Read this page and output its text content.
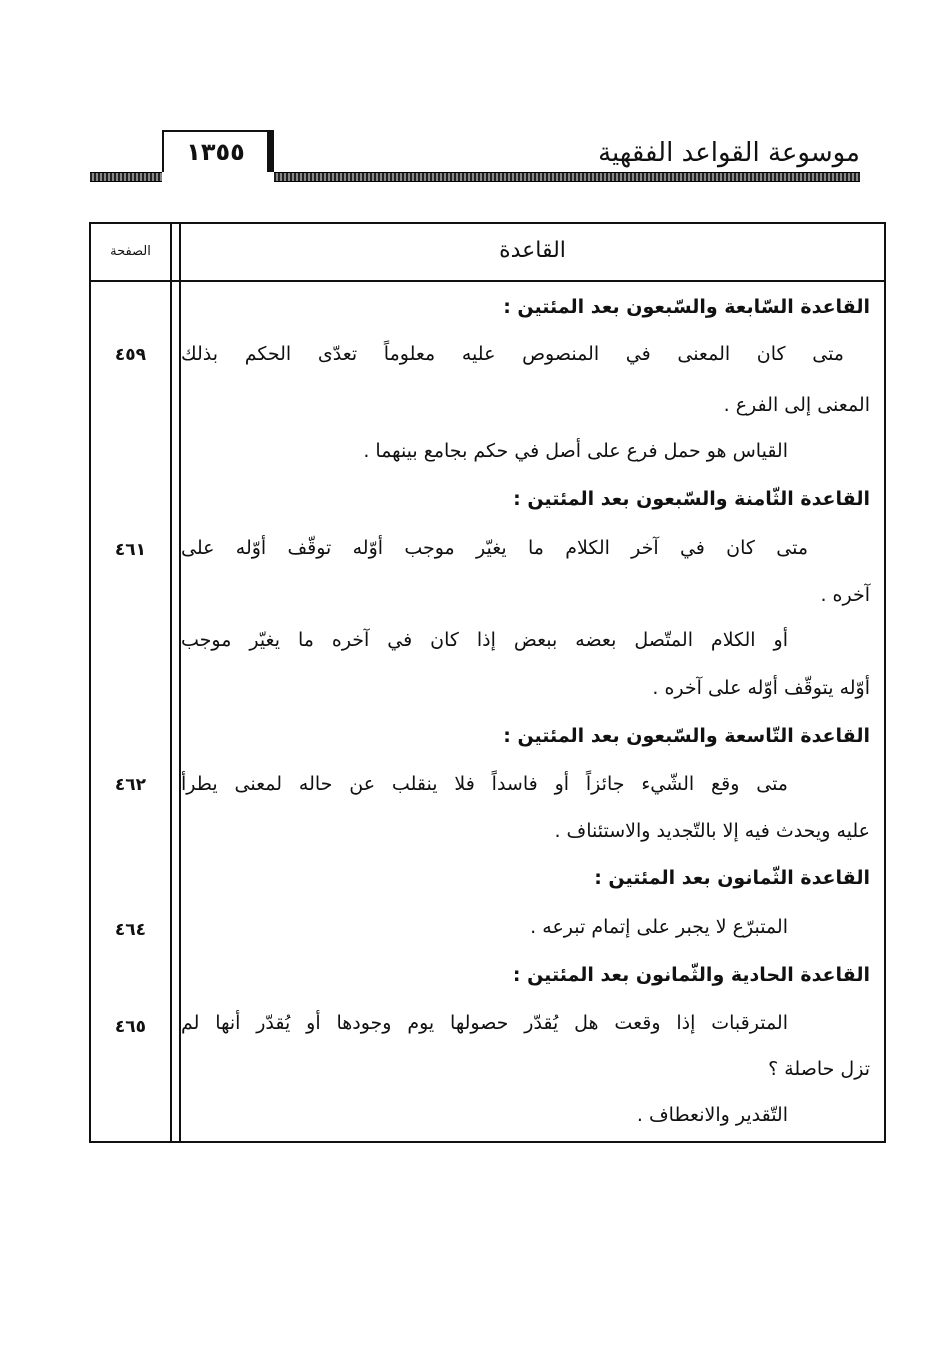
موسوعة القواعد الفقهية
١٣٥٥
الصفحة	القاعدة
القاعدة السّابعة والسّبعون بعد المئتين :
٤٥٩	متى كان المعنى في المنصوص عليه معلوماً تعدّى الحكم بذلك
المعنى إلى الفرع .
القياس هو حمل فرع على أصل في حكم بجامع بينهما .
القاعدة الثّامنة والسّبعون بعد المئتين :
٤٦١	متى كان في آخر الكلام ما يغيّر موجب أوّله توقّف أوّله على
آخره .
أو الكلام المتّصل بعضه ببعض إذا كان في آخره ما يغيّر موجب
أوّله يتوقّف أوّله على آخره .
القاعدة التّاسعة والسّبعون بعد المئتين :
٤٦٢	متى وقع الشّيء جائزاً أو فاسداً فلا ينقلب عن حاله لمعنى يطرأ
عليه ويحدث فيه إلا بالتّجديد والاستئناف .
القاعدة الثّمانون بعد المئتين :
٤٦٤	المتبرّع لا يجبر على إتمام تبرعه .
القاعدة الحادية والثّمانون بعد المئتين :
٤٦٥	المترقبات إذا وقعت هل يُقدّر حصولها يوم وجودها أو يُقدّر أنها لم
تزل حاصلة ؟
التّقدير والانعطاف .
